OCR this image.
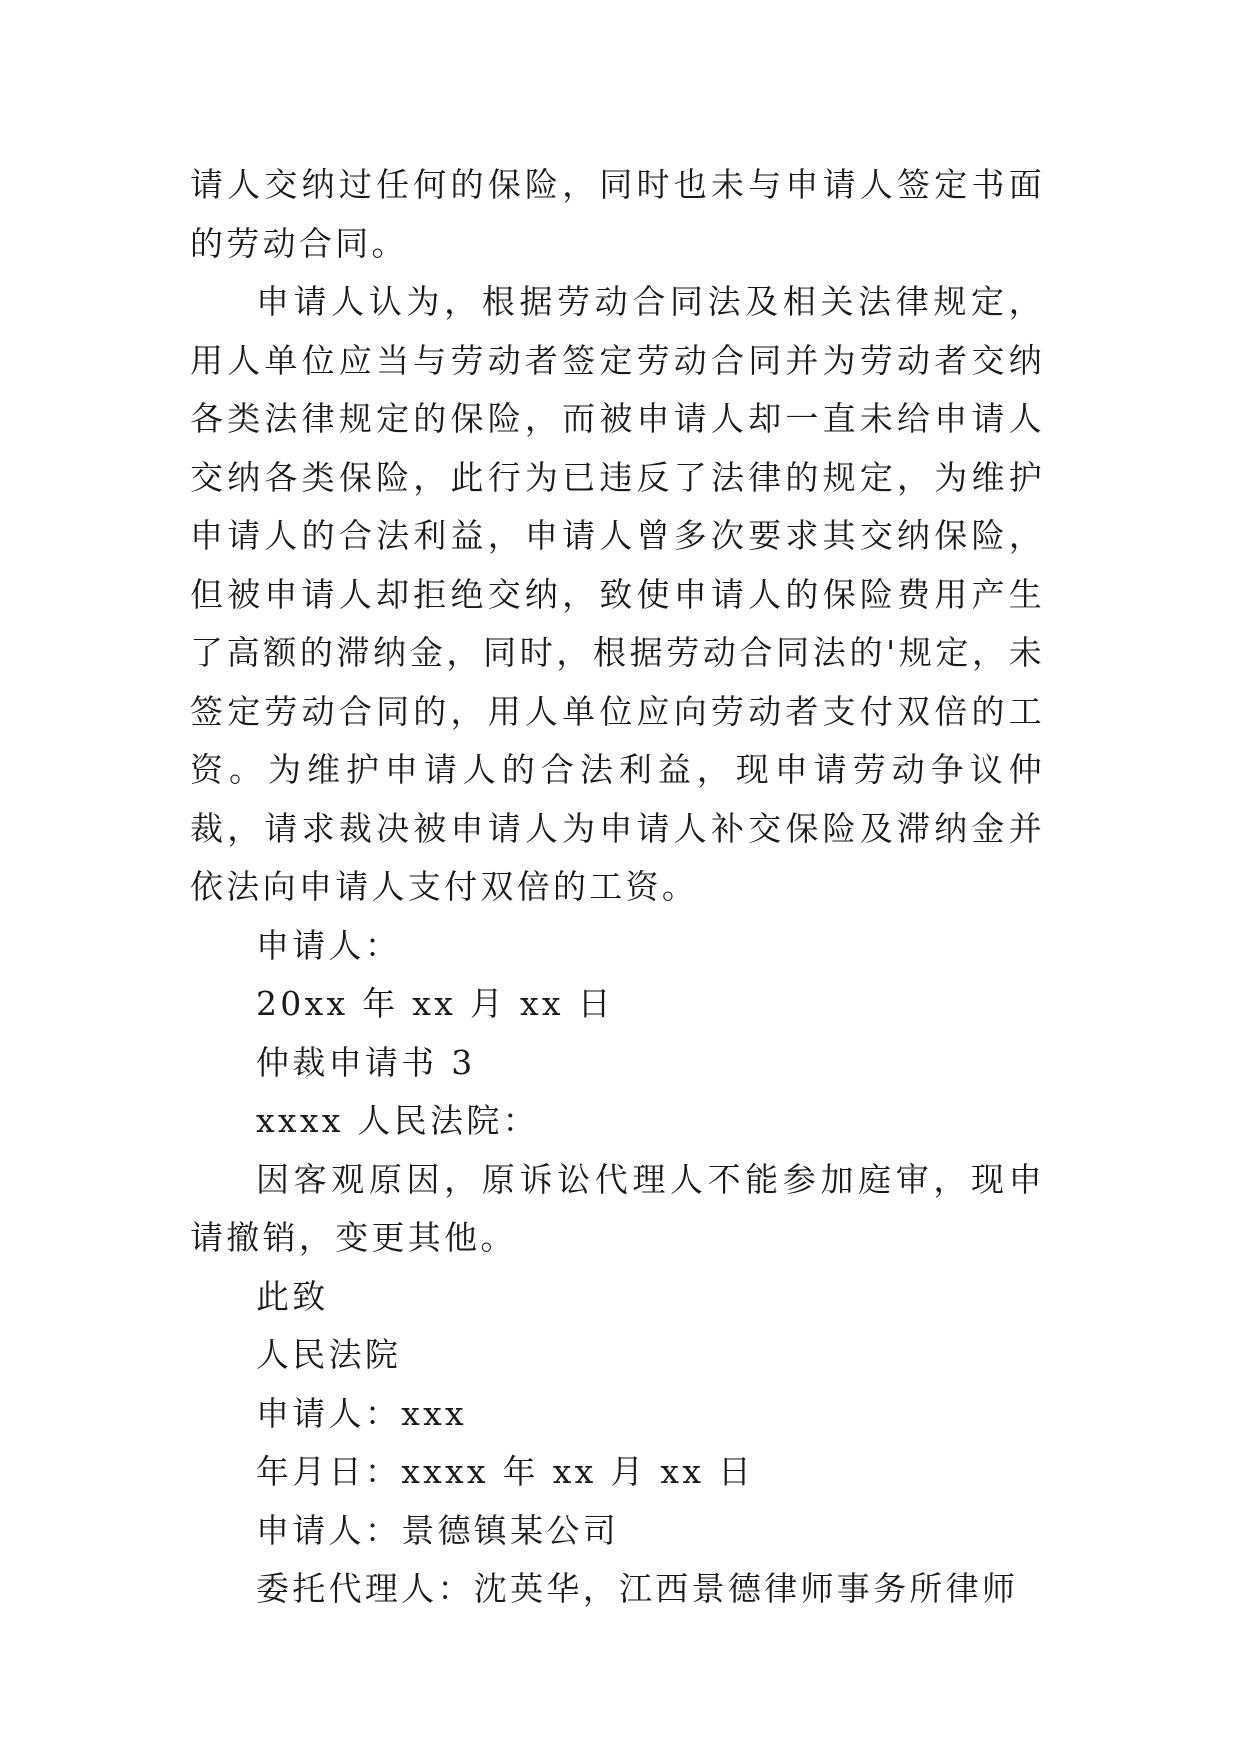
请人交纳过任何的保险，同时也未与申请人签定书面的劳动合同。

申请人认为，根据劳动合同法及相关法律规定，用人单位应当与劳动者签定劳动合同并为劳动者交纳各类法律规定的保险，而被申请人却一直未给申请人交纳各类保险，此行为已违反了法律的规定，为维护申请人的合法利益，申请人曾多次要求其交纳保险，但被申请人却拒绝交纳，致使申请人的保险费用产生了高额的滞纳金，同时，根据劳动合同法的'规定，未签定劳动合同的，用人单位应向劳动者支付双倍的工资。为维护申请人的合法利益，现申请劳动争议仲裁，请求裁决被申请人为申请人补交保险及滞纳金并依法向申请人支付双倍的工资。

申请人：

20xx 年 xx 月 xx 日

仲裁申请书 3

xxxx 人民法院：

因客观原因，原诉讼代理人不能参加庭审，现申请撤销，变更其他。

此致

人民法院

申请人：xxx

年月日：xxxx 年 xx 月 xx 日

申请人：景德镇某公司

委托代理人：沈英华，江西景德律师事务所律师
